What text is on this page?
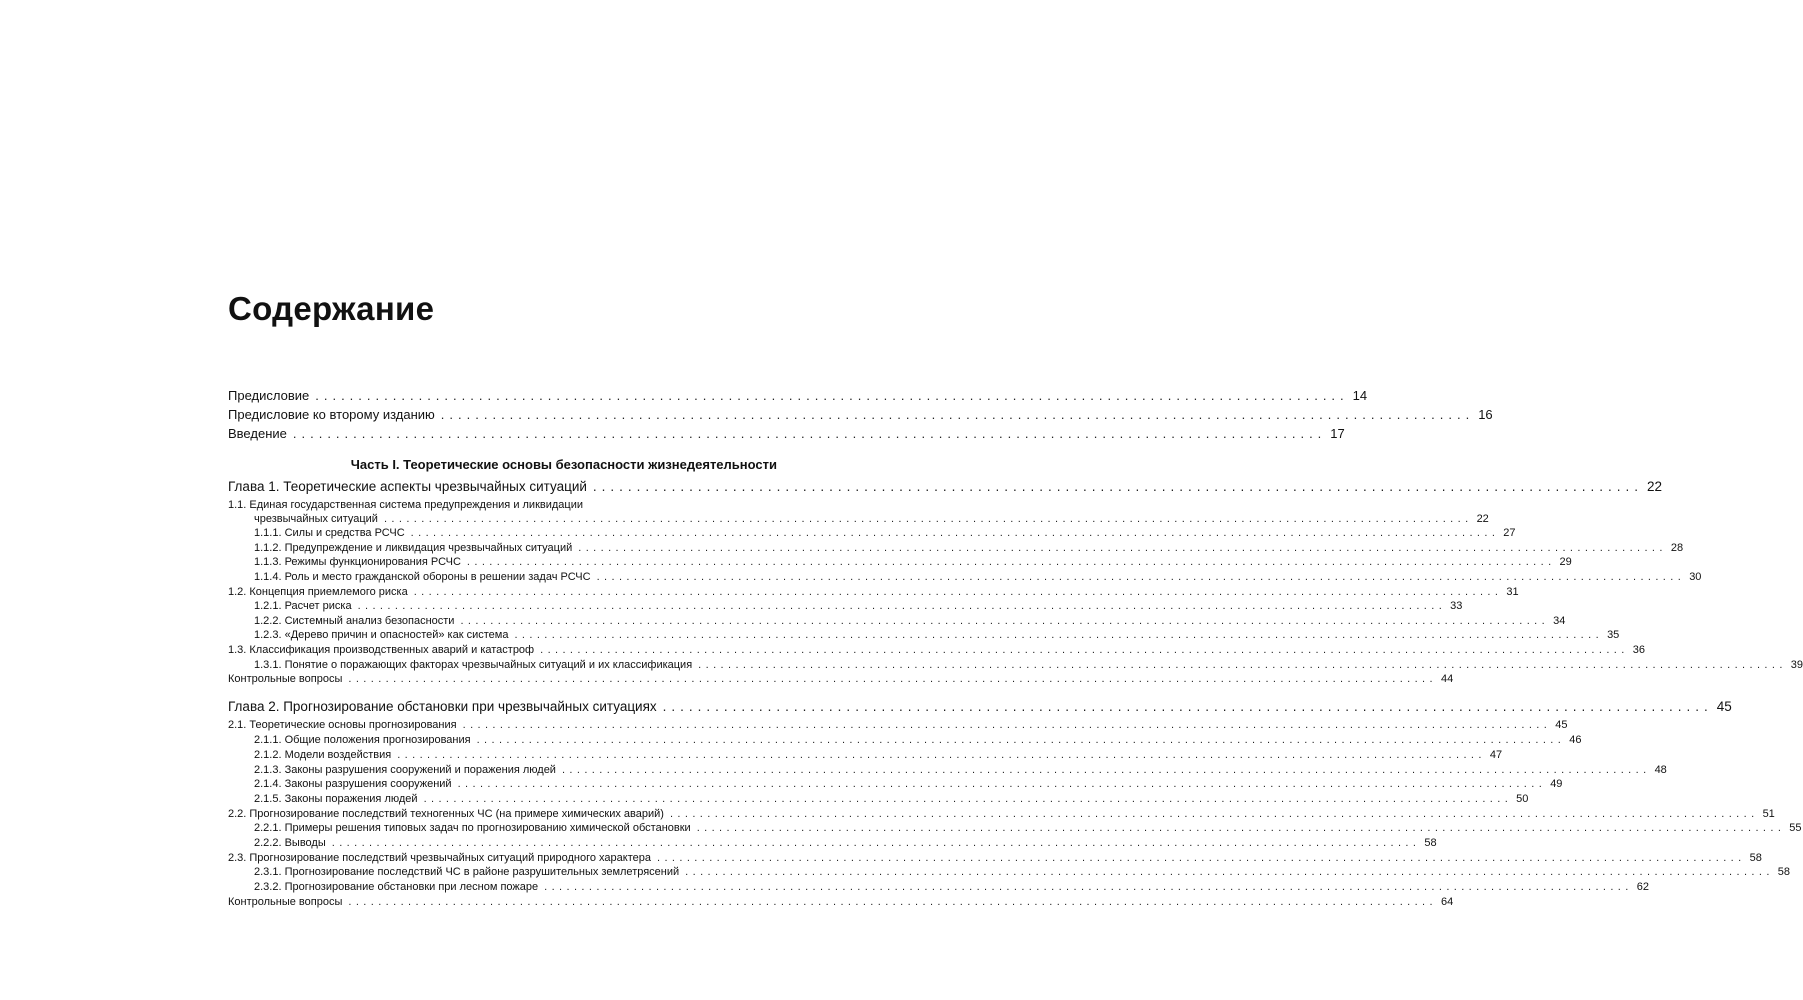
Содержание
Предисловие ........................................................................................................................ 14
Предисловие ко второму изданию ........................................................................................................................ 16
Введение ........................................................................................................................ 17
Часть I. Теоретические основы безопасности жизнедеятельности
Глава 1. Теоретические аспекты чрезвычайных ситуаций ........................................................................................................................ 22
1.1. Единая государственная система предупреждения и ликвидации
чрезвычайных ситуаций .................................................................................................................................................. 22
1.1.1. Силы и средства РСЧС .................................................................................................................................................. 27
1.1.2. Предупреждение и ликвидация чрезвычайных ситуаций .................................................................................................................................................. 28
1.1.3. Режимы функционирования РСЧС .................................................................................................................................................. 29
1.1.4. Роль и место гражданской обороны в решении задач РСЧС .................................................................................................................................................. 30
1.2. Концепция приемлемого риска .................................................................................................................................................. 31
1.2.1. Расчет риска .................................................................................................................................................. 33
1.2.2. Системный анализ безопасности .................................................................................................................................................. 34
1.2.3. «Дерево причин и опасностей» как система .................................................................................................................................................. 35
1.3. Классификация производственных аварий и катастроф .................................................................................................................................................. 36
1.3.1. Понятие о поражающих факторах чрезвычайных ситуаций и их классификация .................................................................................................................................................. 39
Контрольные вопросы .................................................................................................................................................. 44
Глава 2. Прогнозирование обстановки при чрезвычайных ситуациях ........................................................................................................................ 45
2.1. Теоретические основы прогнозирования .................................................................................................................................................. 45
2.1.1. Общие положения прогнозирования .................................................................................................................................................. 46
2.1.2. Модели воздействия .................................................................................................................................................. 47
2.1.3. Законы разрушения сооружений и поражения людей .................................................................................................................................................. 48
2.1.4. Законы разрушения сооружений .................................................................................................................................................. 49
2.1.5. Законы поражения людей .................................................................................................................................................. 50
2.2. Прогнозирование последствий техногенных ЧС (на примере химических аварий) .................................................................................................................................................. 51
2.2.1. Примеры решения типовых задач по прогнозированию химической обстановки .................................................................................................................................................. 55
2.2.2. Выводы .................................................................................................................................................. 58
2.3. Прогнозирование последствий чрезвычайных ситуаций природного характера .................................................................................................................................................. 58
2.3.1. Прогнозирование последствий ЧС в районе разрушительных землетрясений .................................................................................................................................................. 58
2.3.2. Прогнозирование обстановки при лесном пожаре .................................................................................................................................................. 62
Контрольные вопросы .................................................................................................................................................. 64
